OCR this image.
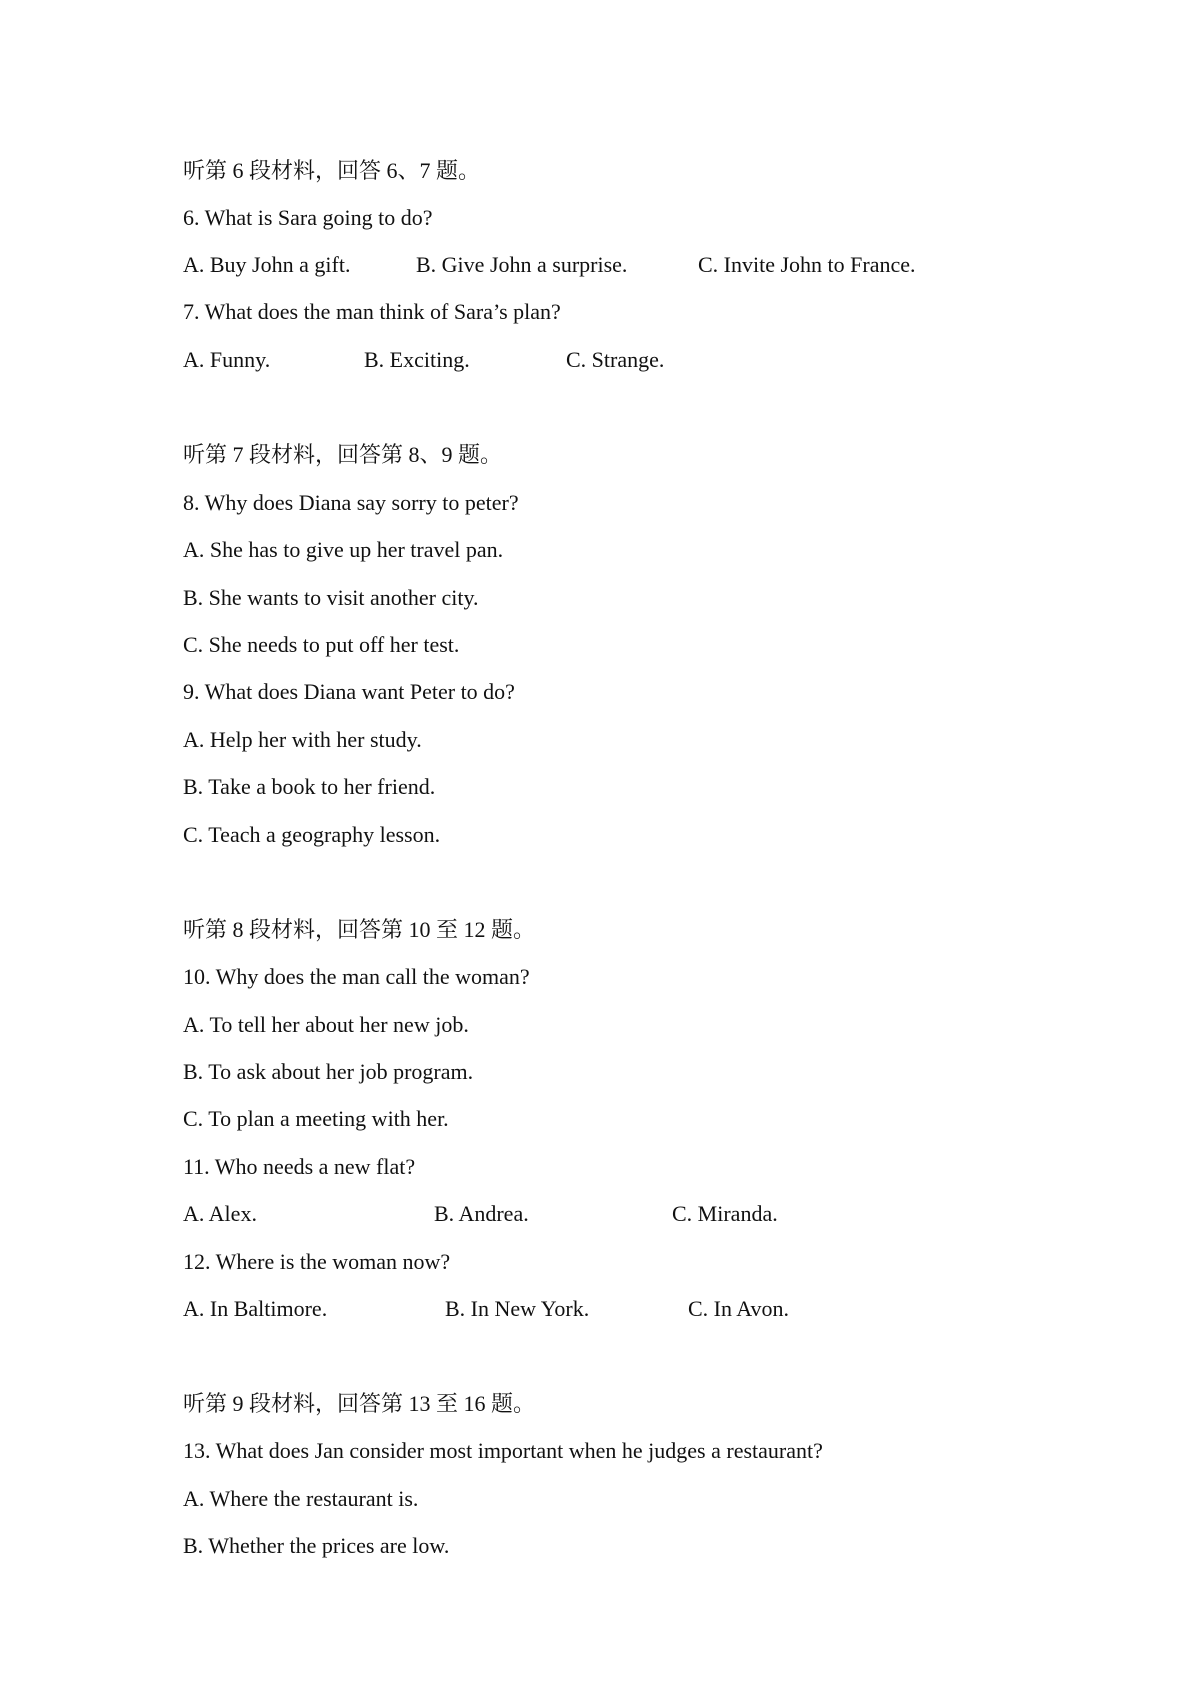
听第 6 段材料，回答 6、7 题。
6. What is Sara going to do?
A. Buy John a gift.	B. Give John a surprise.	C. Invite John to France.
7. What does the man think of Sara’s plan?
A. Funny.	B. Exciting.	C. Strange.
听第 7 段材料，回答第 8、9 题。
8. Why does Diana say sorry to peter?
A. She has to give up her travel pan.
B. She wants to visit another city.
C. She needs to put off her test.
9. What does Diana want Peter to do?
A. Help her with her study.
B. Take a book to her friend.
C. Teach a geography lesson.
听第 8 段材料，回答第 10 至 12 题。
10. Why does the man call the woman?
A. To tell her about her new job.
B. To ask about her job program.
C. To plan a meeting with her.
11. Who needs a new flat?
A. Alex.	B. Andrea.	C. Miranda.
12. Where is the woman now?
A. In Baltimore.	B. In New York.	C. In Avon.
听第 9 段材料，回答第 13 至 16 题。
13. What does Jan consider most important when he judges a restaurant?
A. Where the restaurant is.
B. Whether the prices are low.
